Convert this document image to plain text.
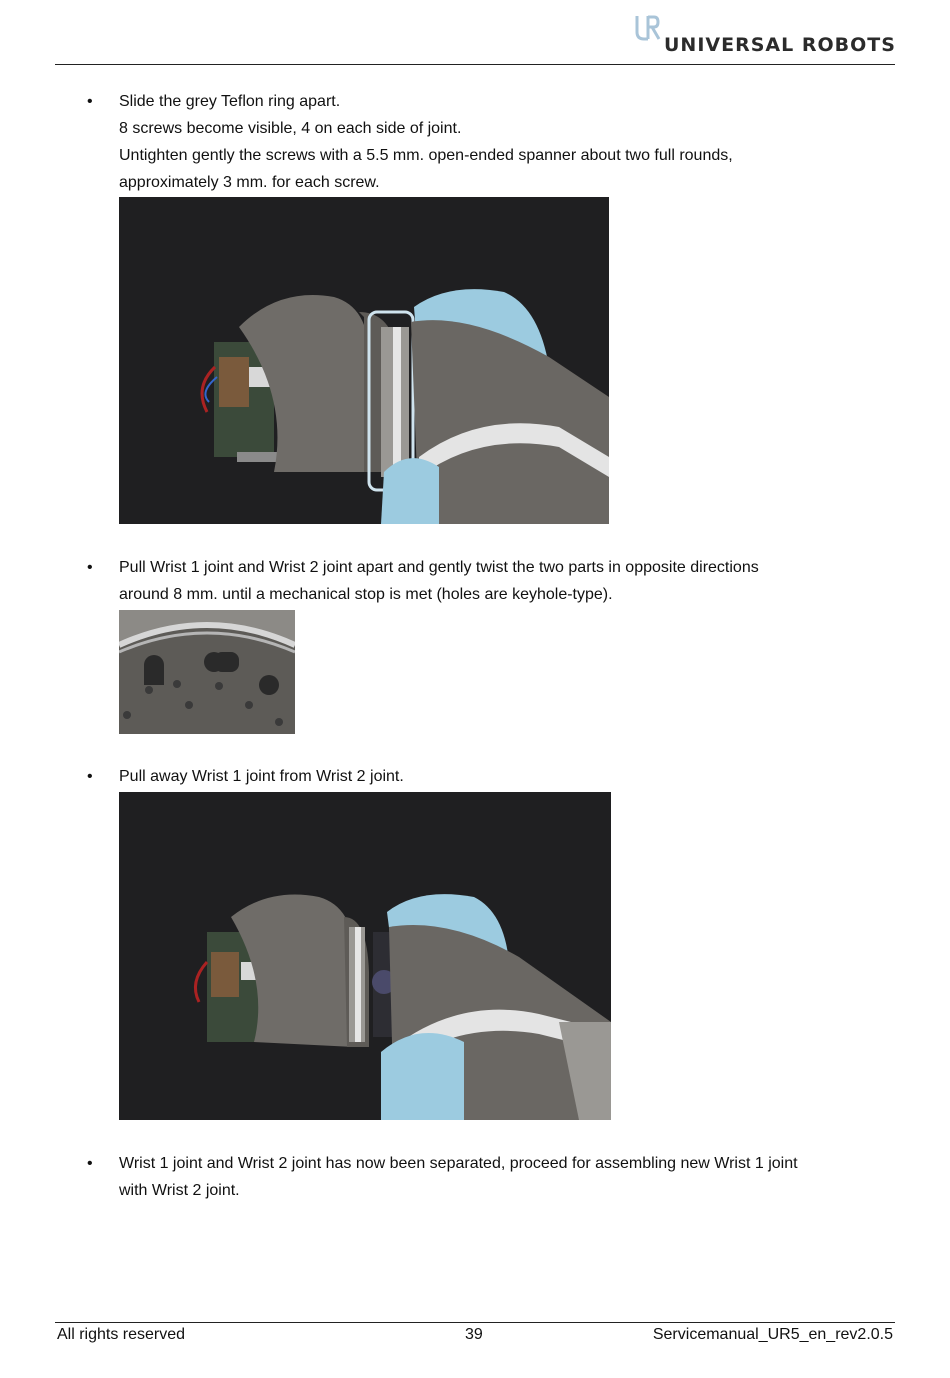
UNIVERSAL ROBOTS
• Slide the grey Teflon ring apart.
8 screws become visible, 4 on each side of joint.
Untighten gently the screws with a 5.5 mm. open-ended spanner about two full rounds,
approximately 3 mm. for each screw.
• Pull Wrist 1 joint and Wrist 2 joint apart and gently twist the two parts in opposite directions
around 8 mm. until a mechanical stop is met (holes are keyhole-type).
• Pull away Wrist 1 joint from Wrist 2 joint.
• Wrist 1 joint and Wrist 2 joint has now been separated, proceed for assembling new Wrist 1 joint
with Wrist 2 joint.
All rights reserved	39	Servicemanual_UR5_en_rev2.0.5
